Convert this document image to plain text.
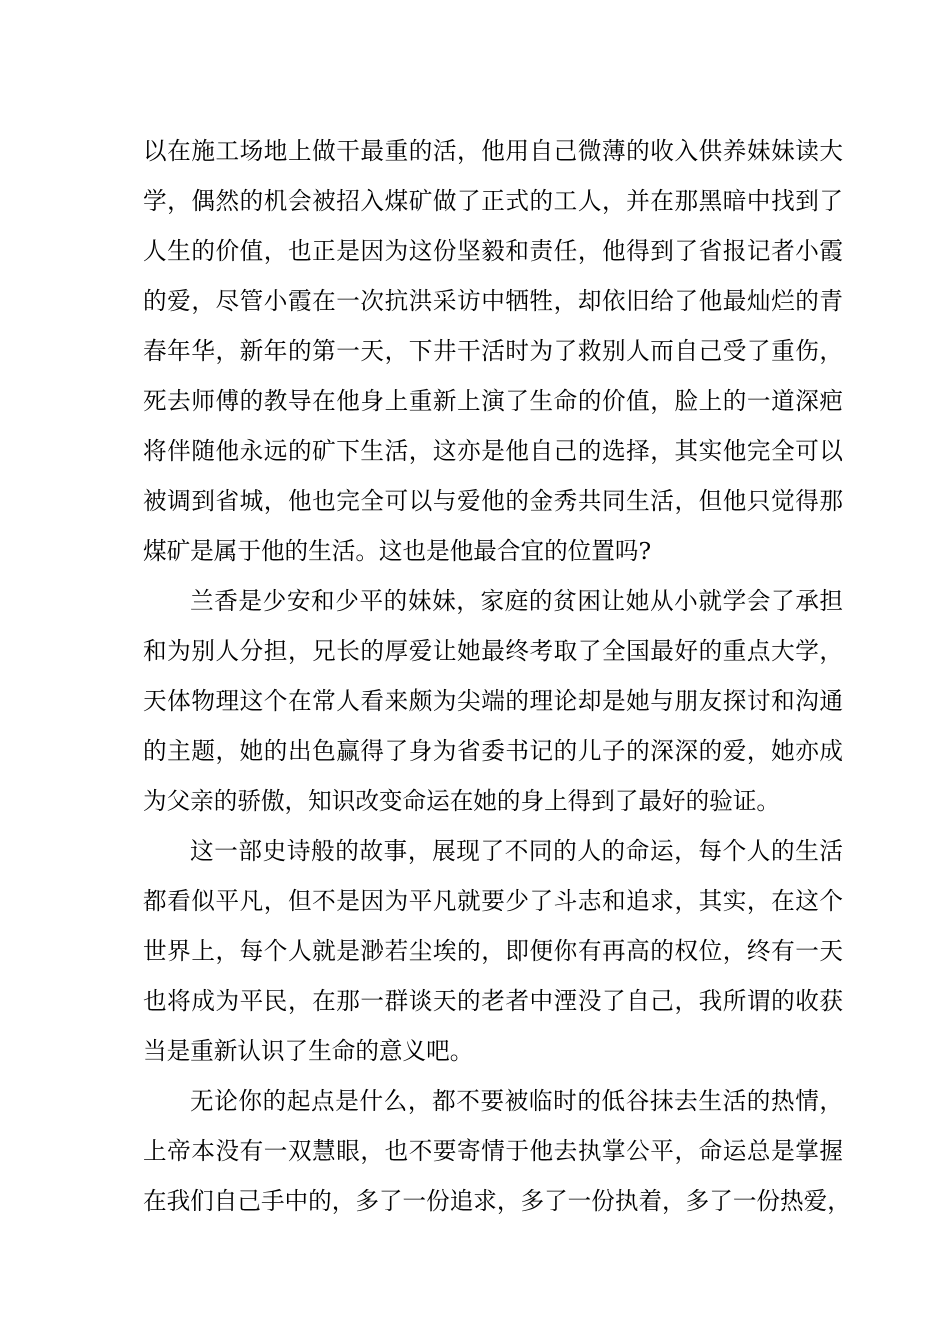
以在施工场地上做干最重的活，他用自己微薄的收入供养妹妹读大
学，偶然的机会被招入煤矿做了正式的工人，并在那黑暗中找到了
人生的价值，也正是因为这份坚毅和责任，他得到了省报记者小霞
的爱，尽管小霞在一次抗洪采访中牺牲，却依旧给了他最灿烂的青
春年华，新年的第一天，下井干活时为了救别人而自己受了重伤，
死去师傅的教导在他身上重新上演了生命的价值，脸上的一道深疤
将伴随他永远的矿下生活，这亦是他自己的选择，其实他完全可以
被调到省城，他也完全可以与爱他的金秀共同生活，但他只觉得那
煤矿是属于他的生活。这也是他最合宜的位置吗?
兰香是少安和少平的妹妹，家庭的贫困让她从小就学会了承担
和为别人分担，兄长的厚爱让她最终考取了全国最好的重点大学，
天体物理这个在常人看来颇为尖端的理论却是她与朋友探讨和沟通
的主题，她的出色赢得了身为省委书记的儿子的深深的爱，她亦成
为父亲的骄傲，知识改变命运在她的身上得到了最好的验证。
这一部史诗般的故事，展现了不同的人的命运，每个人的生活
都看似平凡，但不是因为平凡就要少了斗志和追求，其实，在这个
世界上，每个人就是渺若尘埃的，即便你有再高的权位，终有一天
也将成为平民，在那一群谈天的老者中湮没了自己，我所谓的收获
当是重新认识了生命的意义吧。
无论你的起点是什么，都不要被临时的低谷抹去生活的热情，
上帝本没有一双慧眼，也不要寄情于他去执掌公平，命运总是掌握
在我们自己手中的，多了一份追求，多了一份执着，多了一份热爱，
